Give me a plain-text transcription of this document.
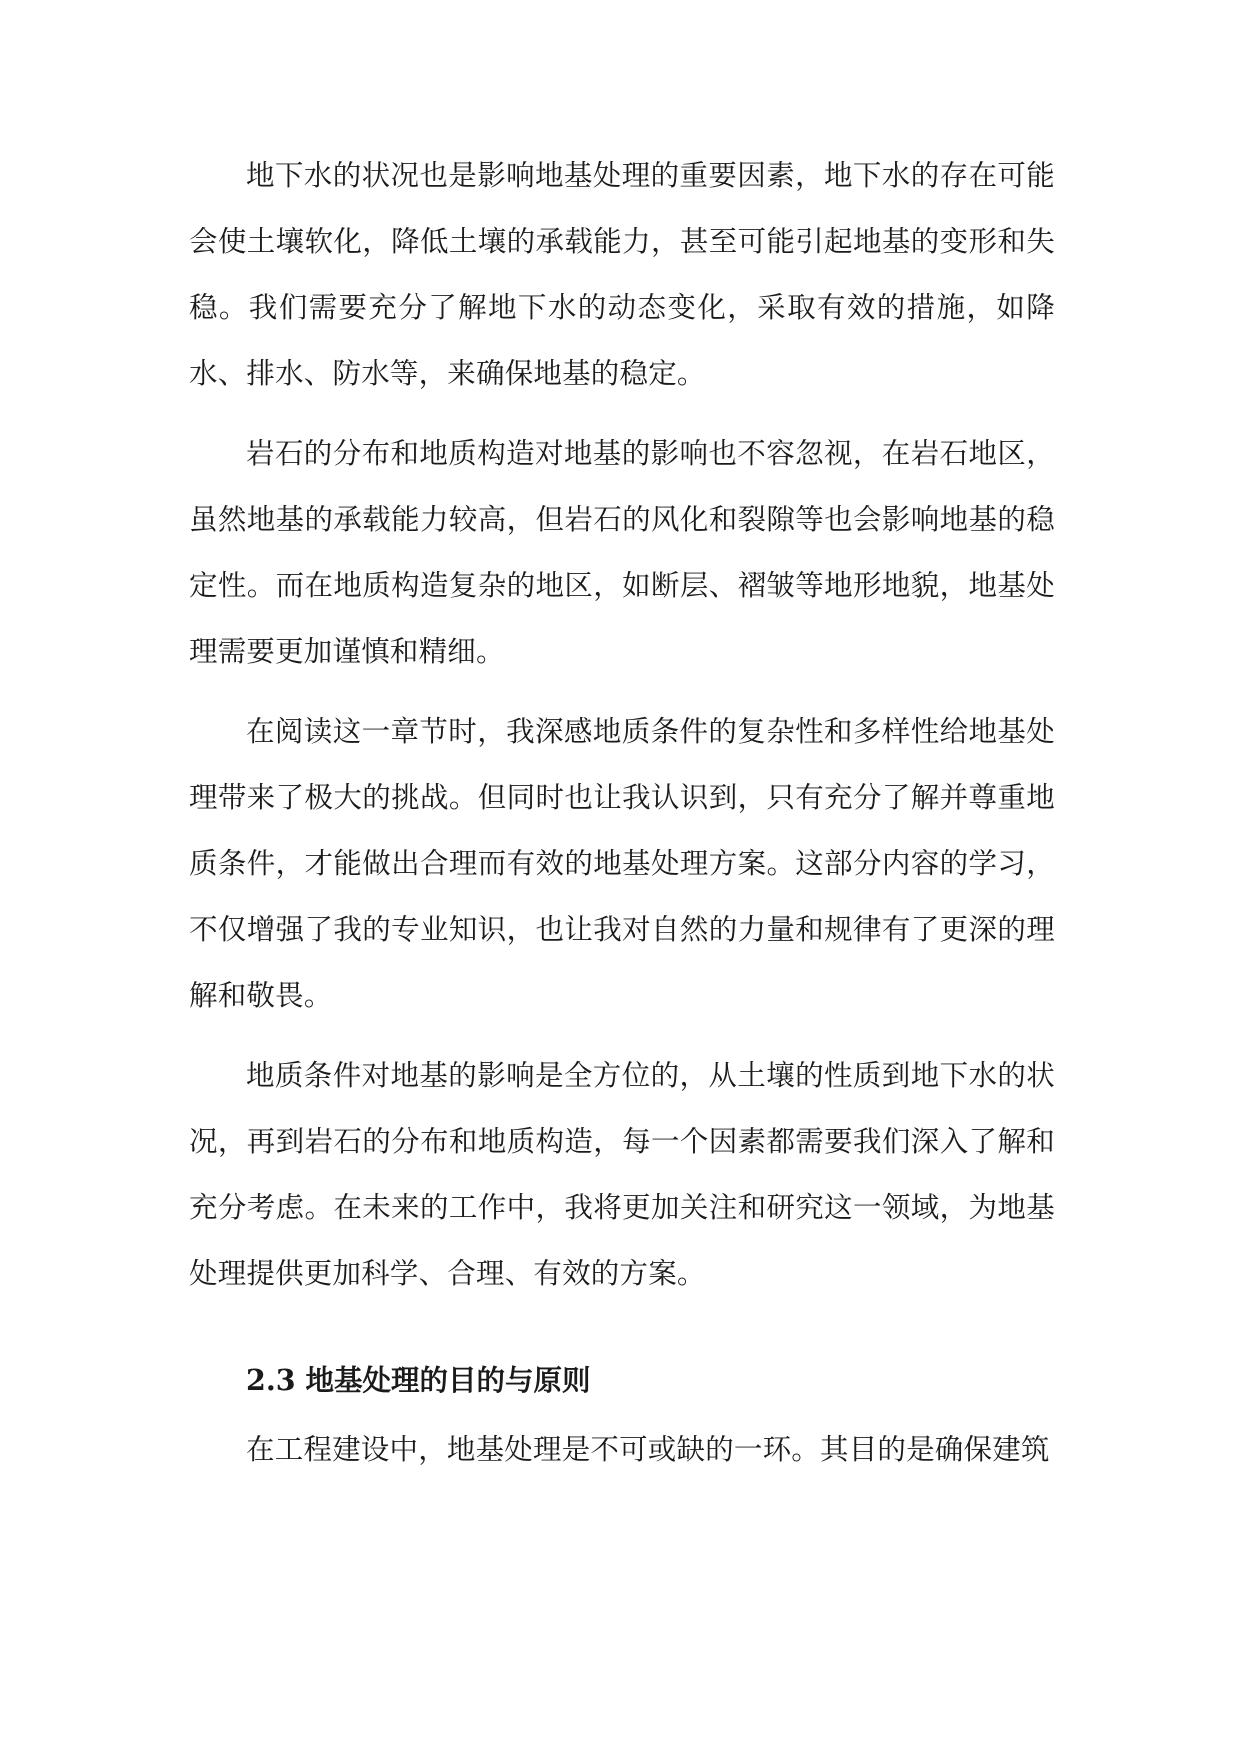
地下水的状况也是影响地基处理的重要因素，地下水的存在可能会使土壤软化，降低土壤的承载能力，甚至可能引起地基的变形和失稳。我们需要充分了解地下水的动态变化，采取有效的措施，如降水、排水、防水等，来确保地基的稳定。

岩石的分布和地质构造对地基的影响也不容忽视，在岩石地区，虽然地基的承载能力较高，但岩石的风化和裂隙等也会影响地基的稳定性。而在地质构造复杂的地区，如断层、褶皱等地形地貌，地基处理需要更加谨慎和精细。

在阅读这一章节时，我深感地质条件的复杂性和多样性给地基处理带来了极大的挑战。但同时也让我认识到，只有充分了解并尊重地质条件，才能做出合理而有效的地基处理方案。这部分内容的学习，不仅增强了我的专业知识，也让我对自然的力量和规律有了更深的理解和敬畏。

地质条件对地基的影响是全方位的，从土壤的性质到地下水的状况，再到岩石的分布和地质构造，每一个因素都需要我们深入了解和充分考虑。在未来的工作中，我将更加关注和研究这一领域，为地基处理提供更加科学、合理、有效的方案。

2.3 地基处理的目的与原则

在工程建设中，地基处理是不可或缺的一环。其目的是确保建筑
